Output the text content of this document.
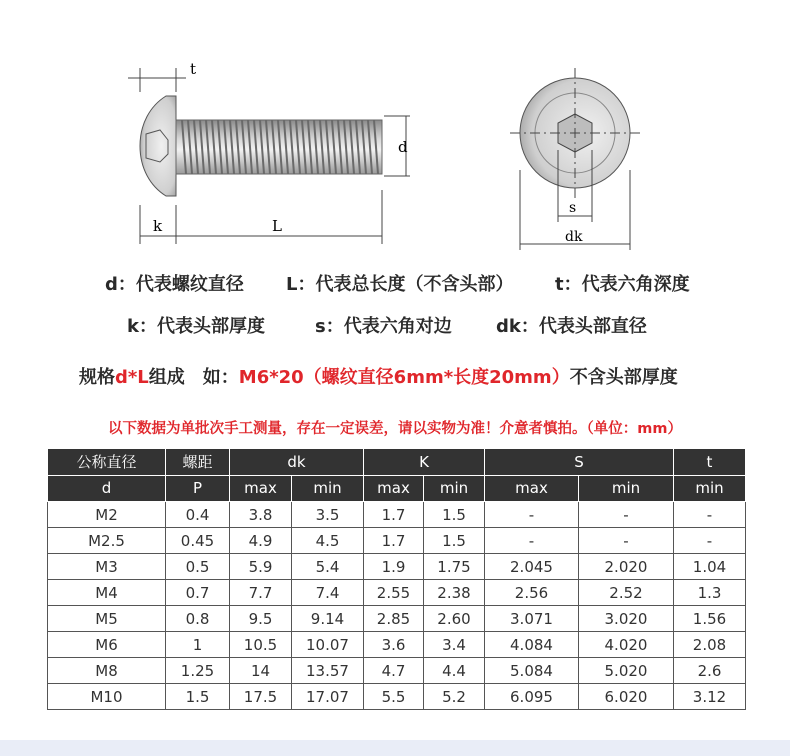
t
k	L
d
s
dk
d：代表螺纹直径 L：代表总长度（不含头部） t：代表六角深度
k：代表头部厚度	s：代表六角对边 dk：代表头部直径
规格d*L组成　如：M6*20（螺纹直径6mm*长度20mm）不含头部厚度
以下数据为单批次手工测量，存在一定误差，请以实物为准！介意者慎拍。（单位：mm）
公称直径	螺距	dk		K		S		t
d	P	max	min	max	min	max	min	min
M2	0.4	3.8	3.5	1.7	1.5	-	-	-
M2.5	0.45	4.9	4.5	1.7	1.5	-	-	-
M3	0.5	5.9	5.4	1.9	1.75	2.045	2.020	1.04
M4	0.7	7.7	7.4	2.55	2.38	2.56	2.52	1.3
M5	0.8	9.5	9.14	2.85	2.60	3.071	3.020	1.56
M6	1	10.5	10.07	3.6	3.4	4.084	4.020	2.08
M8	1.25	14	13.57	4.7	4.4	5.084	5.020	2.6
M10	1.5	17.5	17.07	5.5	5.2	6.095	6.020	3.12
